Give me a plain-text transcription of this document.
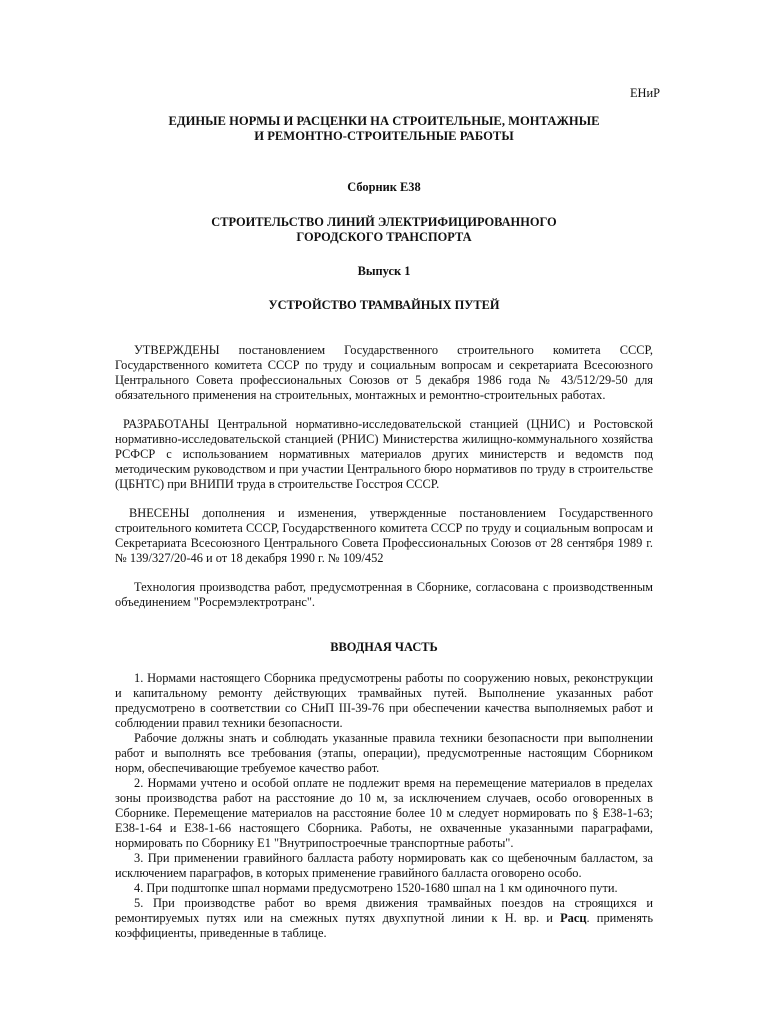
ЕНиР
ЕДИНЫЕ НОРМЫ И РАСЦЕНКИ НА СТРОИТЕЛЬНЫЕ, МОНТАЖНЫЕ
И РЕМОНТНО-СТРОИТЕЛЬНЫЕ РАБОТЫ
Сборник Е38
СТРОИТЕЛЬСТВО ЛИНИЙ ЭЛЕКТРИФИЦИРОВАННОГО
ГОРОДСКОГО ТРАНСПОРТА
Выпуск 1
УСТРОЙСТВО ТРАМВАЙНЫХ ПУТЕЙ

УТВЕРЖДЕНЫ постановлением Государственного строительного комитета СССР, Государственного комитета СССР по труду и социальным вопросам и секретариата Всесоюзного Центрального Совета профессиональных Союзов от 5 декабря 1986 года № 43/512/29-50 для обязательного применения на строительных, монтажных и ремонтно-строительных работах.

РАЗРАБОТАНЫ Центральной нормативно-исследовательской станцией (ЦНИС) и Ростовской нормативно-исследовательской станцией (РНИС) Министерства жилищно-коммунального хозяйства РСФСР с использованием нормативных материалов других министерств и ведомств под методическим руководством и при участии Центрального бюро нормативов по труду в строительстве (ЦБНТС) при ВНИПИ труда в строительстве Госстроя СССР.

ВНЕСЕНЫ дополнения и изменения, утвержденные постановлением Государственного строительного комитета СССР, Государственного комитета СССР по труду и социальным вопросам и Секретариата Всесоюзного Центрального Совета Профессиональных Союзов от 28 сентября 1989 г. № 139/327/20-46 и от 18 декабря 1990 г. № 109/452

Технология производства работ, предусмотренная в Сборнике, согласована с производственным объединением "Росремэлектротранс".

ВВОДНАЯ ЧАСТЬ

1. Нормами настоящего Сборника предусмотрены работы по сооружению новых, реконструкции и капитальному ремонту действующих трамвайных путей. Выполнение указанных работ предусмотрено в соответствии со СНиП III-39-76 при обеспечении качества выполняемых работ и соблюдении правил техники безопасности.

Рабочие должны знать и соблюдать указанные правила техники безопасности при выполнении работ и выполнять все требования (этапы, операции), предусмотренные настоящим Сборником норм, обеспечивающие требуемое качество работ.

2. Нормами учтено и особой оплате не подлежит время на перемещение материалов в пределах зоны производства работ на расстояние до 10 м, за исключением случаев, особо оговоренных в Сборнике. Перемещение материалов на расстояние более 10 м следует нормировать по § Е38-1-63; Е38-1-64 и Е38-1-66 настоящего Сборника. Работы, не охваченные указанными параграфами, нормировать по Сборнику Е1 "Внутрипостроечные транспортные работы".

3. При применении гравийного балласта работу нормировать как со щебеночным балластом, за исключением параграфов, в которых применение гравийного балласта оговорено особо.

4. При подштопке шпал нормами предусмотрено 1520-1680 шпал на 1 км одиночного пути.

5. При производстве работ во время движения трамвайных поездов на строящихся и ремонтируемых путях или на смежных путях двухпутной линии к Н. вр. и Расц. применять коэффициенты, приведенные в таблице.
